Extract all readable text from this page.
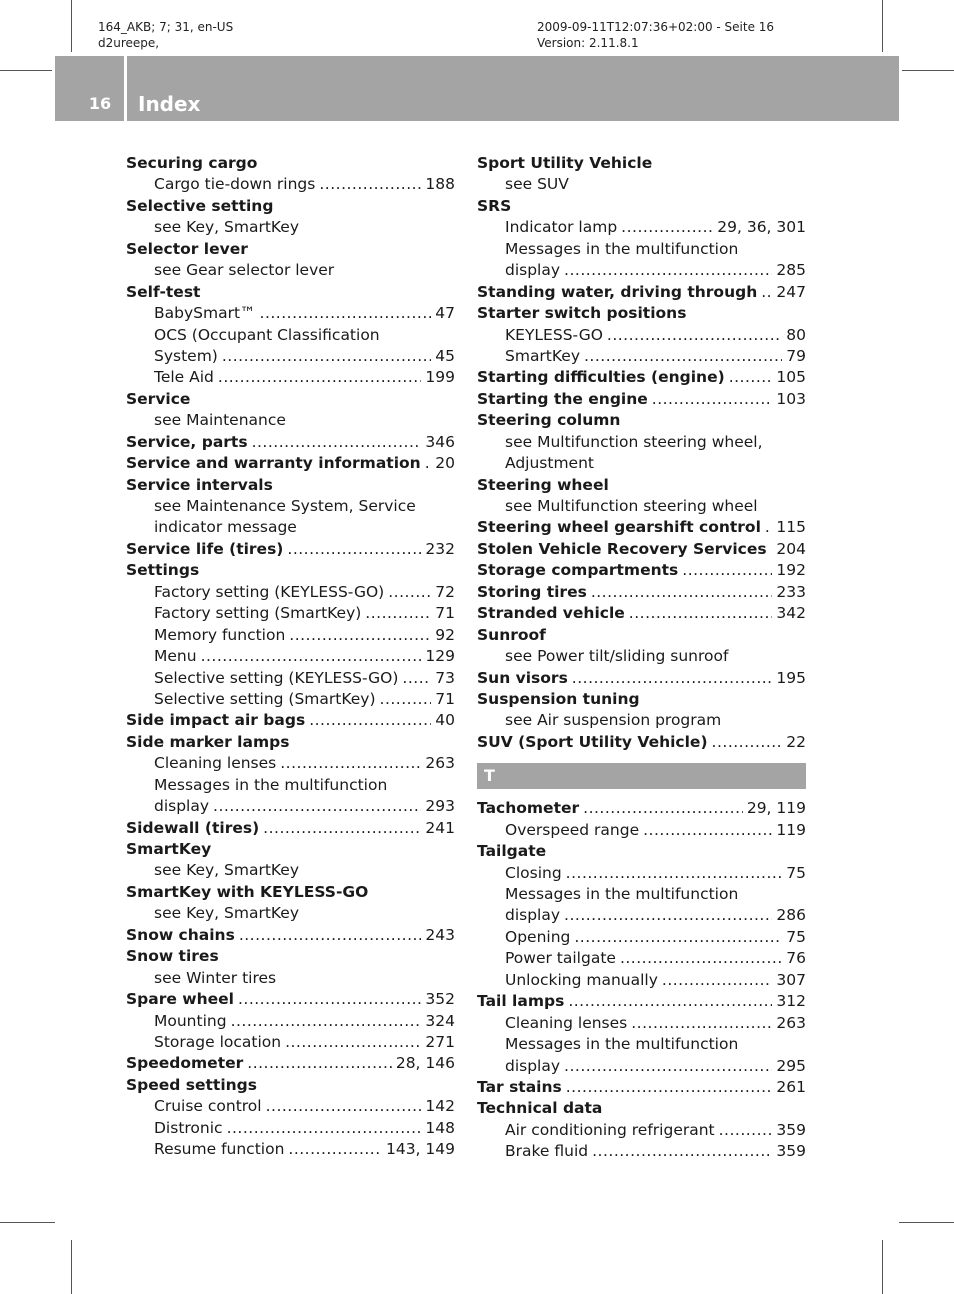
164_AKB; 7; 31, en-US
d2ureepe,
2009-09-11T12:07:36+02:00 - Seite 16
Version: 2.11.8.1
16 Index
Securing cargo
Cargo tie-down rings .....	188
Selective setting
see Key, SmartKey
Selector lever
see Gear selector lever
Self-test
BabySmart™ .....	47
OCS (Occupant Classification
System) .....	45
Tele Aid .....	199
Service
see Maintenance
Service, parts .....	346
Service and warranty information ..... 20
Service intervals
see Maintenance System, Service
indicator message
Service life (tires) .....	232
Settings
Factory setting (KEYLESS-GO) .....	72
Factory setting (SmartKey) .....	71
Memory function .....	92
Menu .....	129
Selective setting (KEYLESS-GO) ..... 73
Selective setting (SmartKey) .....	71
Side impact air bags .....	40
Side marker lamps
Cleaning lenses .....	263
Messages in the multifunction
display .....	293
Sidewall (tires) .....	241
SmartKey
see Key, SmartKey
SmartKey with KEYLESS-GO
see Key, SmartKey
Snow chains .....	243
Snow tires
see Winter tires
Spare wheel .....	352
Mounting .....	324
Storage location .....	271
Speedometer .....	28, 146
Speed settings
Cruise control .....	142
Distronic .....	148
Resume function .....	143, 149
Sport Utility Vehicle
see SUV
SRS
Indicator lamp .....	29, 36, 301
Messages in the multifunction
display .....	285
Standing water, driving through ..... 247
Starter switch positions
KEYLESS-GO .....	80
SmartKey .....	79
Starting difficulties (engine) .....	105
Starting the engine .....	103
Steering column
see Multifunction steering wheel,
Adjustment
Steering wheel
see Multifunction steering wheel
Steering wheel gearshift control ..... 115
Stolen Vehicle Recovery Services ..... 204
Storage compartments .....	192
Storing tires .....	233
Stranded vehicle .....	342
Sunroof
see Power tilt/sliding sunroof
Sun visors .....	195
Suspension tuning
see Air suspension program
SUV (Sport Utility Vehicle) .....	22
T
Tachometer .....	29, 119
Overspeed range .....	119
Tailgate
Closing .....	75
Messages in the multifunction
display .....	286
Opening .....	75
Power tailgate .....	76
Unlocking manually .....	307
Tail lamps .....	312
Cleaning lenses .....	263
Messages in the multifunction
display .....	295
Tar stains .....	261
Technical data
Air conditioning refrigerant .....	359
Brake fluid .....	359
